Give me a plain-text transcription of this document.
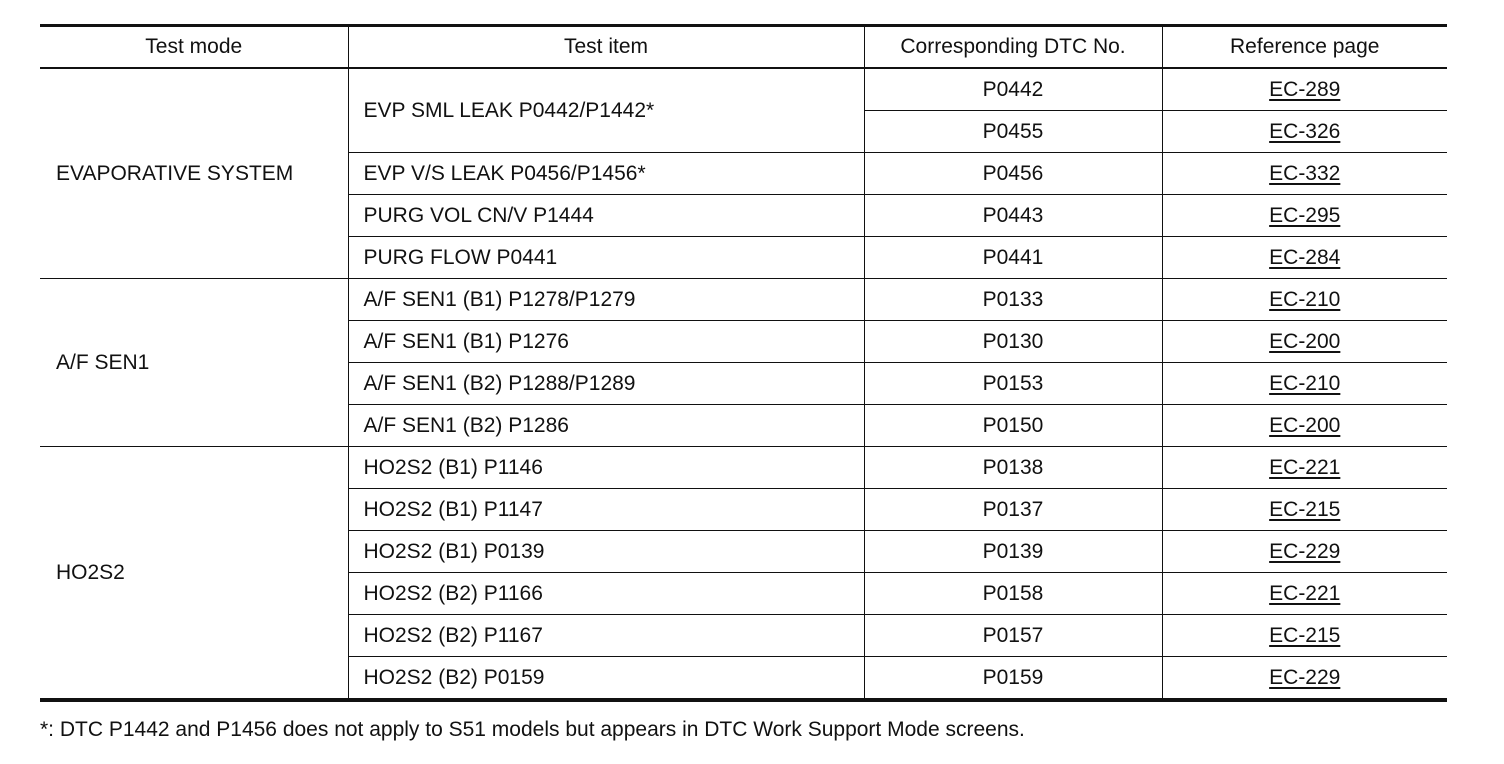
Test mode	Test item	Corresponding DTC No.	Reference page
EVAPORATIVE SYSTEM	EVP SML LEAK P0442/P1442*	P0442	EC-289
		P0455	EC-326
	EVP V/S LEAK P0456/P1456*	P0456	EC-332
	PURG VOL CN/V P1444	P0443	EC-295
	PURG FLOW P0441	P0441	EC-284
A/F SEN1	A/F SEN1 (B1) P1278/P1279	P0133	EC-210
	A/F SEN1 (B1) P1276	P0130	EC-200
	A/F SEN1 (B2) P1288/P1289	P0153	EC-210
	A/F SEN1 (B2) P1286	P0150	EC-200
HO2S2	HO2S2 (B1) P1146	P0138	EC-221
	HO2S2 (B1) P1147	P0137	EC-215
	HO2S2 (B1) P0139	P0139	EC-229
	HO2S2 (B2) P1166	P0158	EC-221
	HO2S2 (B2) P1167	P0157	EC-215
	HO2S2 (B2) P0159	P0159	EC-229
*: DTC P1442 and P1456 does not apply to S51 models but appears in DTC Work Support Mode screens.
